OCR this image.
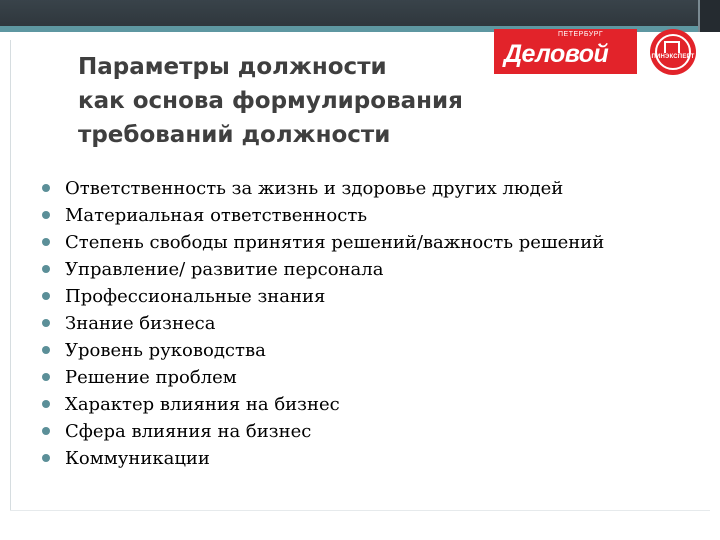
Параметры должности
как основа формулирования
требований должности
ПЕТЕРБУРГ
Деловой	ПИНЭКСПЕРТ
Ответственность за жизнь и здоровье других людей
Материальная ответственность
Степень свободы принятия решений/важность решений
Управление/ развитие персонала
Профессиональные знания
Знание бизнеса
Уровень руководства
Решение проблем
Характер влияния на бизнес
Сфера влияния на бизнес
Коммуникации
